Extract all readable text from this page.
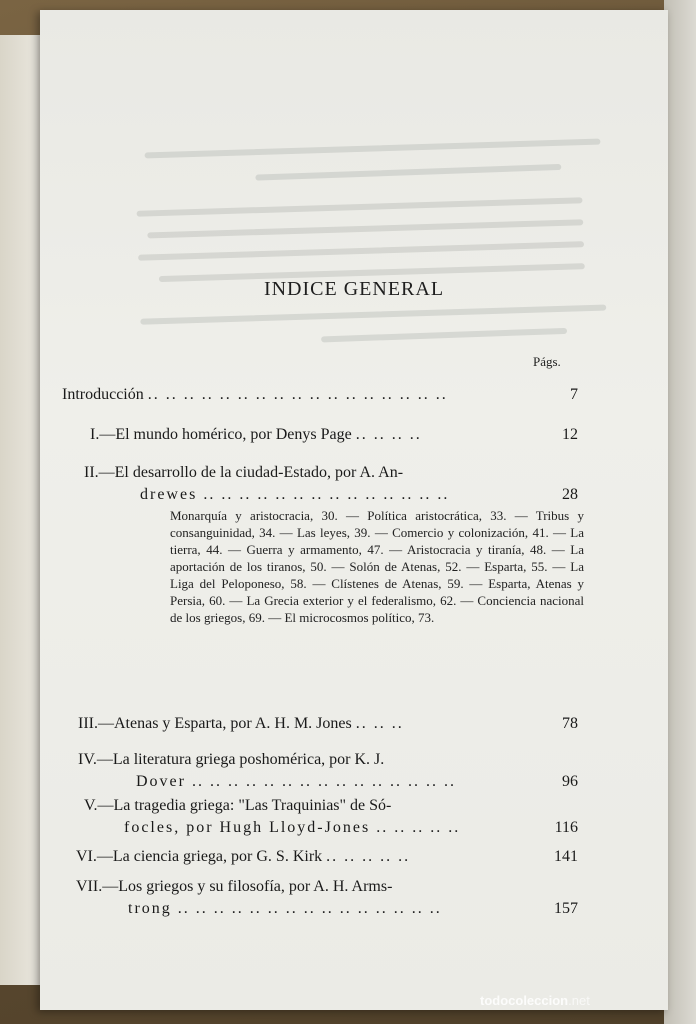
INDICE GENERAL
Págs.
Introducción .. .. .. .. .. .. .. .. .. .. .. .. .. .. .. .. ..	7
I.—El mundo homérico, por Denys Page .. .. .. ..	12
II.—El desarrollo de la ciudad-Estado, por A. An-
drewes .. .. .. .. .. .. .. .. .. .. .. .. .. ..	28
Monarquía y aristocracia, 30. — Política aristocrática, 33. — Tribus y consanguinidad, 34. — Las leyes, 39. — Comercio y colonización, 41. — La tierra, 44. — Guerra y armamento, 47. — Aristocracia y tiranía, 48. — La aportación de los tiranos, 50. — Solón de Atenas, 52. — Esparta, 55. — La Liga del Peloponeso, 58. — Clístenes de Atenas, 59. — Esparta, Atenas y Persia, 60. — La Grecia exterior y el federalismo, 62. — Conciencia nacional de los griegos, 69. — El microcosmos político, 73.
III.—Atenas y Esparta, por A. H. M. Jones .. .. ..	78
IV.—La literatura griega poshomérica, por K. J.
Dover .. .. .. .. .. .. .. .. .. .. .. .. .. .. ..	96
V.—La tragedia griega: "Las Traquinias" de Só-
focles, por Hugh Lloyd-Jones .. .. .. .. ..	116
VI.—La ciencia griega, por G. S. Kirk .. .. .. .. ..	141
VII.—Los griegos y su filosofía, por A. H. Arms-
trong .. .. .. .. .. .. .. .. .. .. .. .. .. .. ..	157
todocoleccion.net
